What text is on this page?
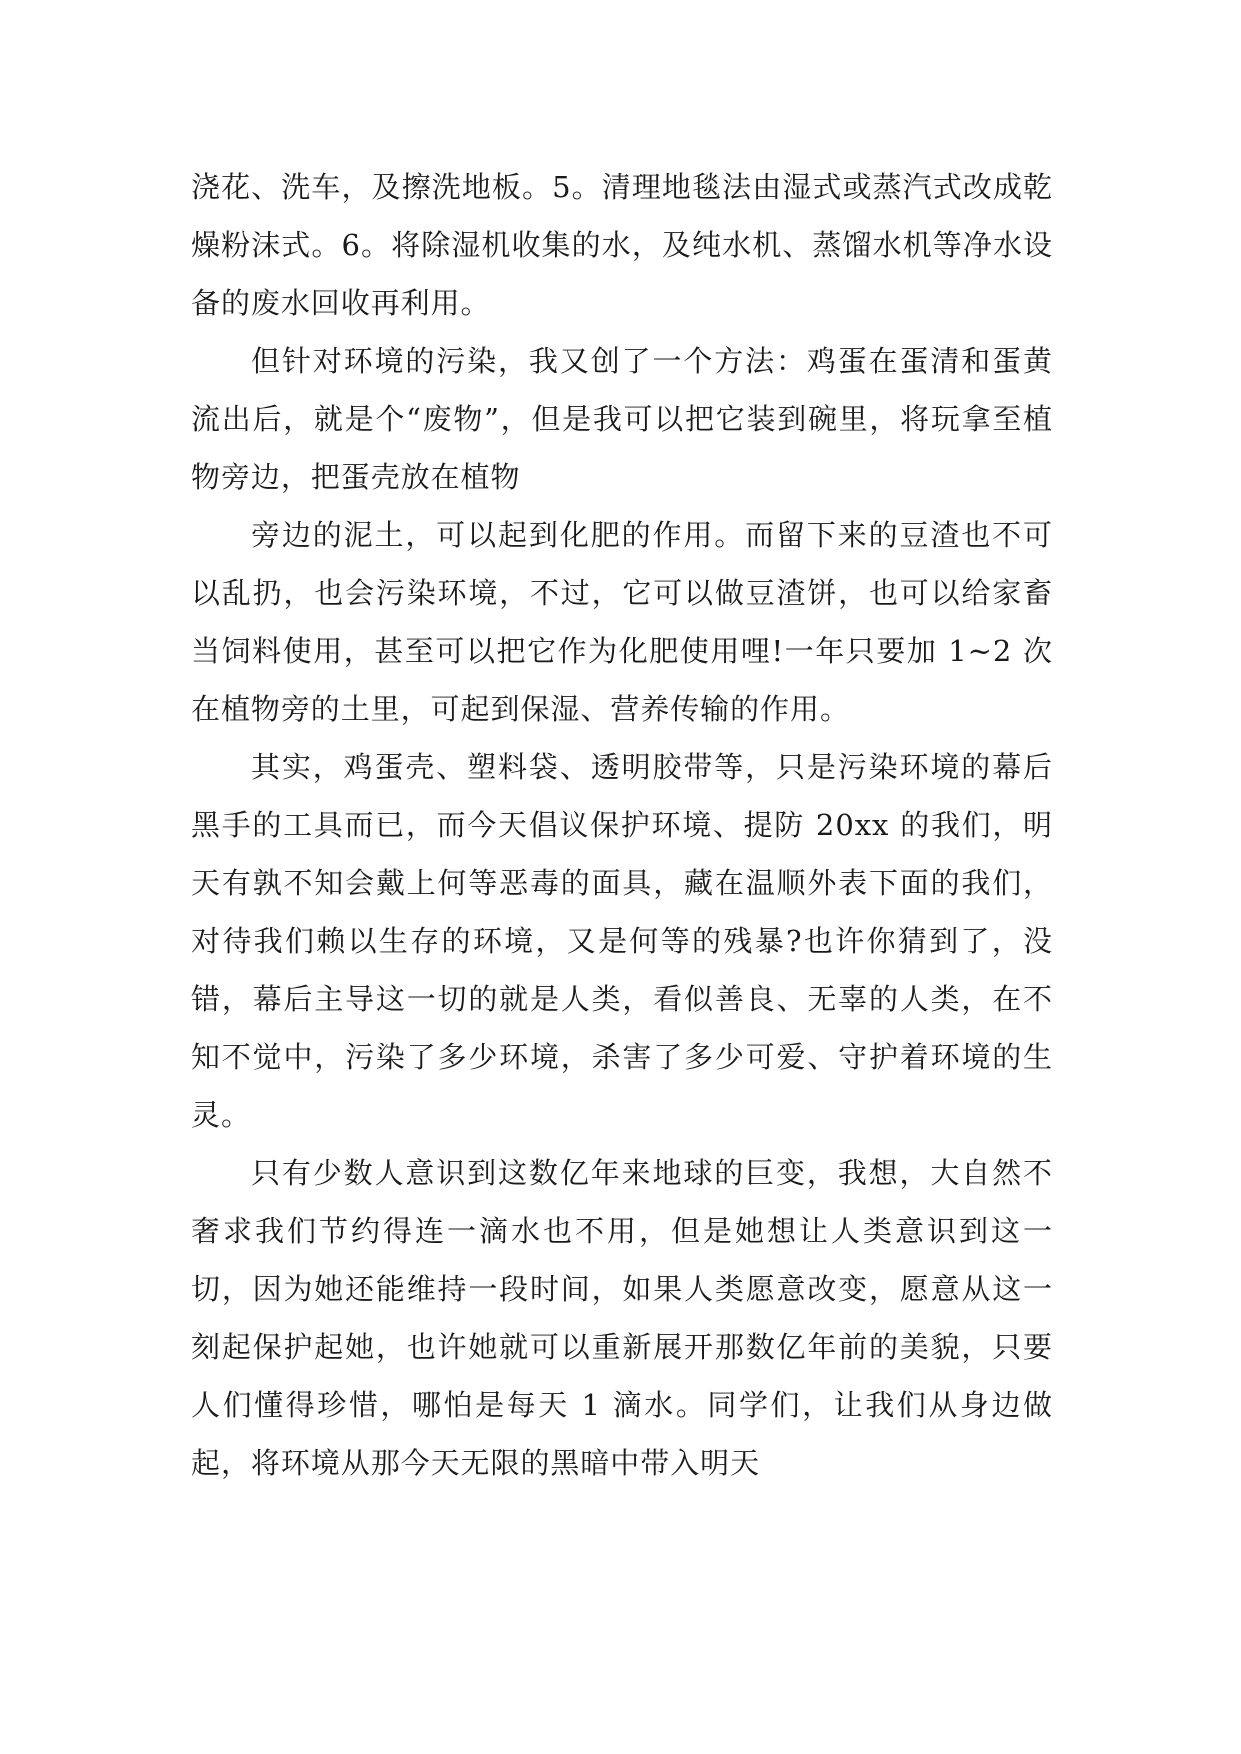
浇花、洗车，及擦洗地板。5。清理地毯法由湿式或蒸汽式改成乾燥粉沫式。6。将除湿机收集的水，及纯水机、蒸馏水机等净水设备的废水回收再利用。

但针对环境的污染，我又创了一个方法：鸡蛋在蛋清和蛋黄流出后，就是个“废物”，但是我可以把它装到碗里，将玩拿至植物旁边，把蛋壳放在植物

旁边的泥土，可以起到化肥的作用。而留下来的豆渣也不可以乱扔，也会污染环境，不过，它可以做豆渣饼，也可以给家畜当饲料使用，甚至可以把它作为化肥使用哩!一年只要加 1~2 次在植物旁的土里，可起到保湿、营养传输的作用。

其实，鸡蛋壳、塑料袋、透明胶带等，只是污染环境的幕后黑手的工具而已，而今天倡议保护环境、提防 20xx 的我们，明天有孰不知会戴上何等恶毒的面具，藏在温顺外表下面的我们，对待我们赖以生存的环境，又是何等的残暴?也许你猜到了，没错，幕后主导这一切的就是人类，看似善良、无辜的人类，在不知不觉中，污染了多少环境，杀害了多少可爱、守护着环境的生灵。

只有少数人意识到这数亿年来地球的巨变，我想，大自然不奢求我们节约得连一滴水也不用，但是她想让人类意识到这一切，因为她还能维持一段时间，如果人类愿意改变，愿意从这一刻起保护起她，也许她就可以重新展开那数亿年前的美貌，只要人们懂得珍惜，哪怕是每天 1 滴水。同学们，让我们从身边做起，将环境从那今天无限的黑暗中带入明天
